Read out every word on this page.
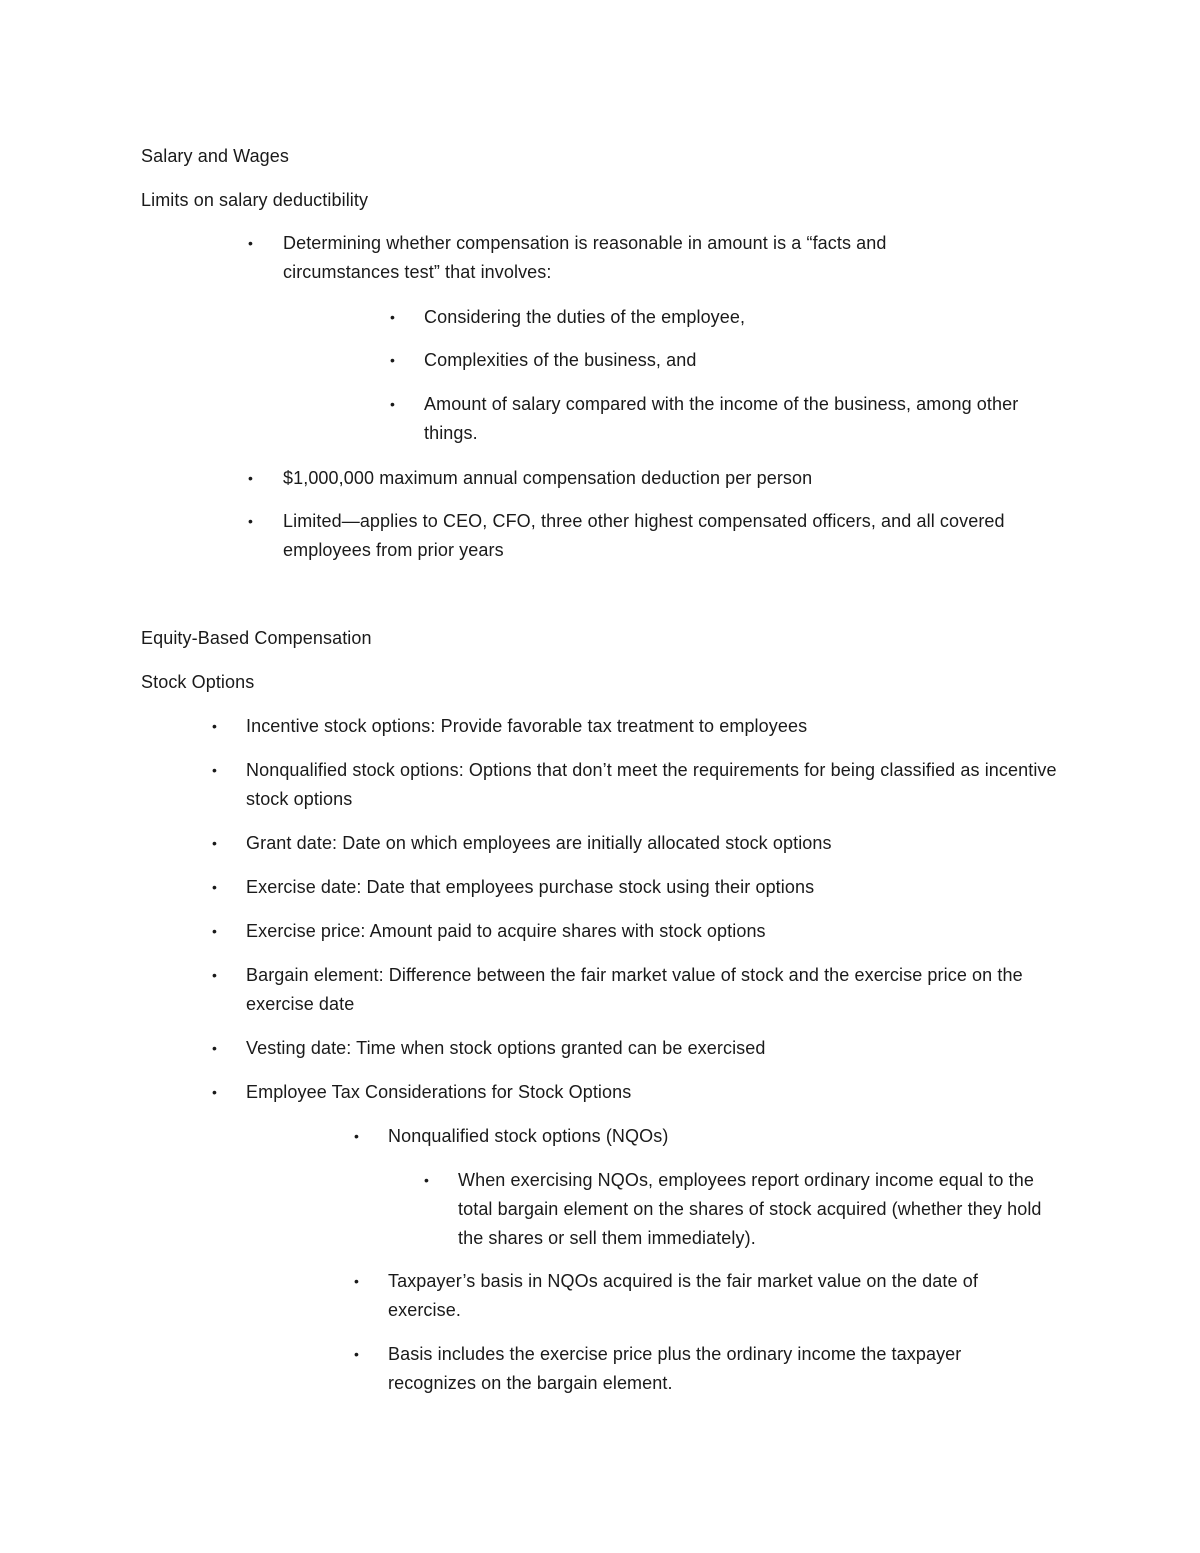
Salary and Wages
Limits on salary deductibility
•
Determining whether compensation is reasonable in amount is a “facts and circumstances test” that involves:
•
Considering the duties of the employee,
•
Complexities of the business, and
•
Amount of salary compared with the income of the business, among other things.
•
$1,000,000 maximum annual compensation deduction per person
•
Limited—applies to CEO, CFO, three other highest compensated officers, and all covered employees from prior years
Equity-Based Compensation
Stock Options
•
Incentive stock options: Provide favorable tax treatment to employees
•
Nonqualified stock options: Options that don’t meet the requirements for being classified as incentive stock options
•
Grant date: Date on which employees are initially allocated stock options
•
Exercise date: Date that employees purchase stock using their options
•
Exercise price: Amount paid to acquire shares with stock options
•
Bargain element: Difference between the fair market value of stock and the exercise price on the exercise date
•
Vesting date: Time when stock options granted can be exercised
•
Employee Tax Considerations for Stock Options
•
Nonqualified stock options (NQOs)
•
When exercising NQOs, employees report ordinary income equal to the total bargain element on the shares of stock acquired (whether they hold the shares or sell them immediately).
•
Taxpayer’s basis in NQOs acquired is the fair market value on the date of exercise.
•
Basis includes the exercise price plus the ordinary income the taxpayer recognizes on the bargain element.
